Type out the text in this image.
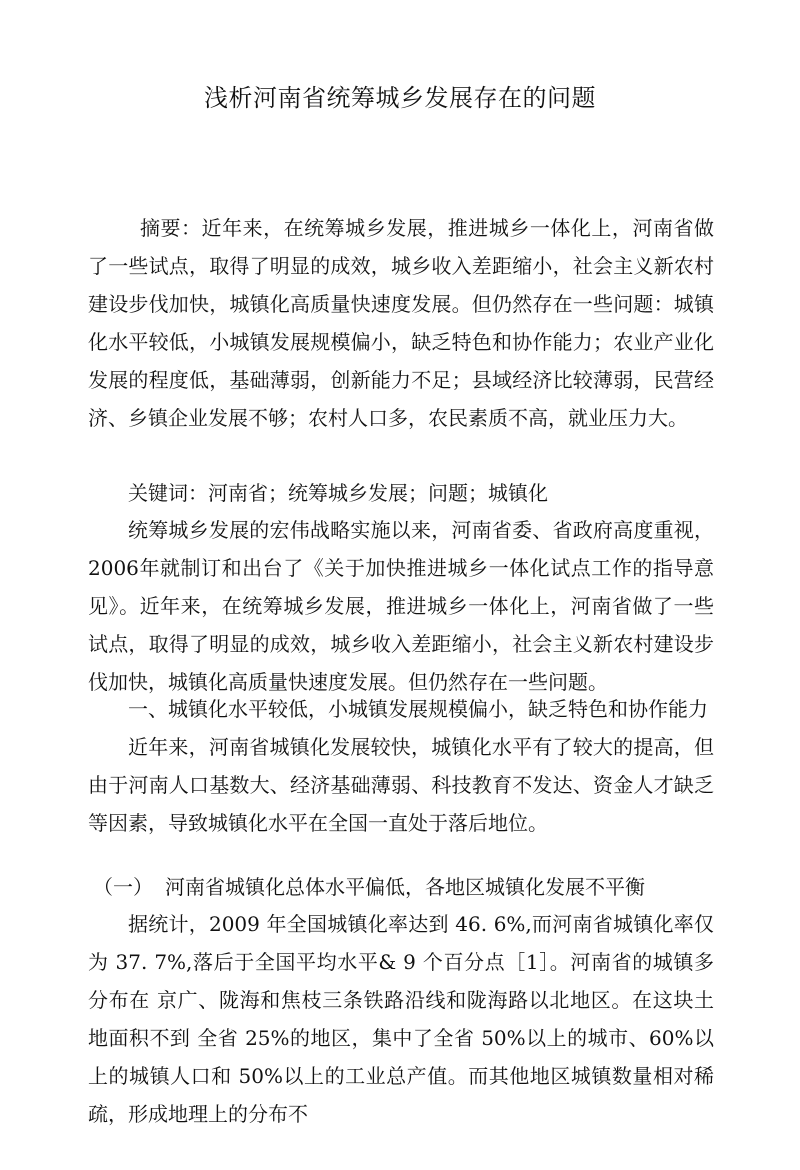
浅析河南省统筹城乡发展存在的问题

摘要：近年来，在统筹城乡发展，推进城乡一体化上，河南省做了一些试点，取得了明显的成效，城乡收入差距缩小，社会主义新农村建设步伐加快，城镇化高质量快速度发展。但仍然存在一些问题：城镇化水平较低，小城镇发展规模偏小，缺乏特色和协作能力；农业产业化发展的程度低，基础薄弱，创新能力不足；县域经济比较薄弱，民营经济、乡镇企业发展不够；农村人口多，农民素质不高，就业压力大。

关键词：河南省；统筹城乡发展；问题；城镇化

统筹城乡发展的宏伟战略实施以来，河南省委、省政府高度重视，2006年就制订和出台了《关于加快推进城乡一体化试点工作的指导意见》。近年来，在统筹城乡发展，推进城乡一体化上，河南省做了一些试点，取得了明显的成效，城乡收入差距缩小，社会主义新农村建设步伐加快，城镇化高质量快速度发展。但仍然存在一些问题。

一、城镇化水平较低，小城镇发展规模偏小，缺乏特色和协作能力

近年来，河南省城镇化发展较快，城镇化水平有了较大的提高，但由于河南人口基数大、经济基础薄弱、科技教育不发达、资金人才缺乏等因素，导致城镇化水平在全国一直处于落后地位。

（一） 河南省城镇化总体水平偏低，各地区城镇化发展不平衡

据统计，2009 年全国城镇化率达到 46. 6%,而河南省城镇化率仅为 37. 7%,落后于全国平均水平& 9 个百分点［1］。河南省的城镇多分布在 京广、陇海和焦枝三条铁路沿线和陇海路以北地区。在这块土地面积不到 全省 25%的地区，集中了全省 50%以上的城市、60%以上的城镇人口和 50%以上的工业总产值。而其他地区城镇数量相对稀疏，形成地理上的分布不
